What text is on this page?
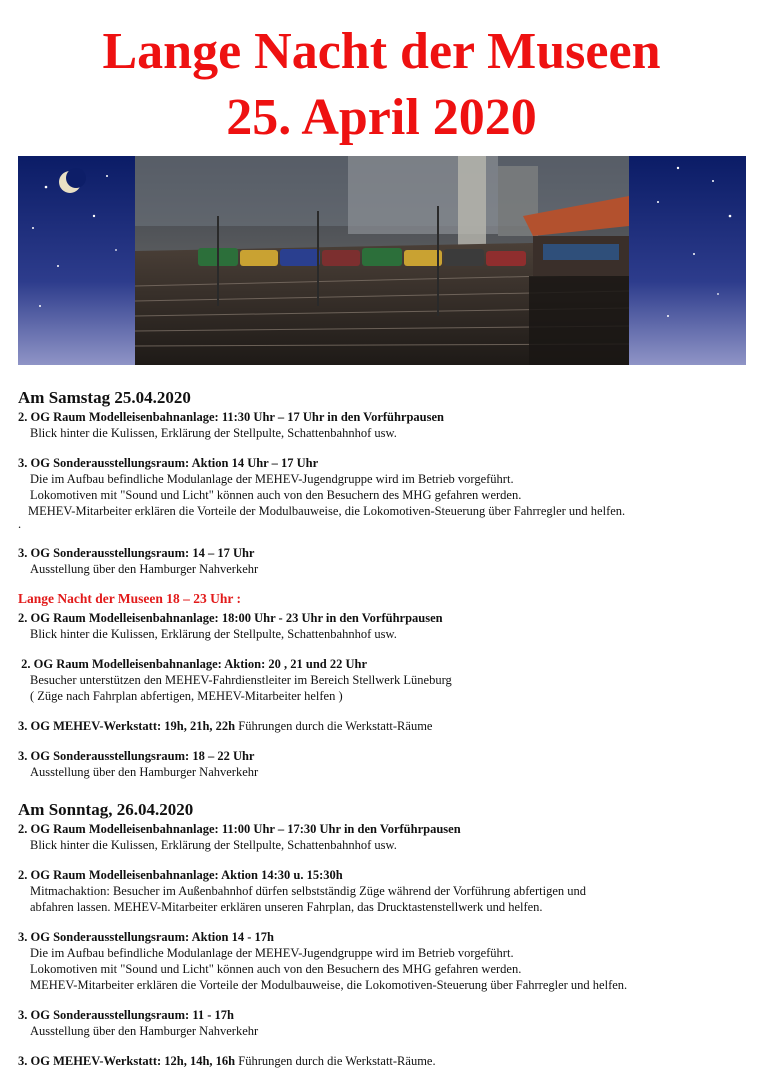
Lange Nacht der Museen
25. April 2020
Am Samstag 25.04.2020
2. OG Raum Modelleisenbahnanlage: 11:30 Uhr – 17 Uhr in den Vorführpausen
Blick hinter die Kulissen, Erklärung der Stellpulte, Schattenbahnhof usw.
3. OG Sonderausstellungsraum: Aktion 14 Uhr – 17 Uhr
Die im Aufbau befindliche Modulanlage der MEHEV-Jugendgruppe wird im Betrieb vorgeführt.
Lokomotiven mit "Sound und Licht" können auch von den Besuchern des MHG gefahren werden.
MEHEV-Mitarbeiter erklären die Vorteile der Modulbauweise, die Lokomotiven-Steuerung über Fahrregler und helfen.
.
3. OG Sonderausstellungsraum: 14 – 17 Uhr
Ausstellung über den Hamburger Nahverkehr
Lange Nacht der Museen 18 – 23 Uhr :
2. OG Raum Modelleisenbahnanlage: 18:00 Uhr - 23 Uhr in den Vorführpausen
Blick hinter die Kulissen, Erklärung der Stellpulte, Schattenbahnhof usw.
2. OG Raum Modelleisenbahnanlage: Aktion: 20 , 21 und 22 Uhr
Besucher unterstützen den MEHEV-Fahrdienstleiter im Bereich Stellwerk Lüneburg
( Züge nach Fahrplan abfertigen, MEHEV-Mitarbeiter helfen )
3. OG MEHEV-Werkstatt: 19h, 21h, 22h Führungen durch die Werkstatt-Räume
3. OG Sonderausstellungsraum: 18 – 22 Uhr
Ausstellung über den Hamburger Nahverkehr
Am Sonntag, 26.04.2020
2. OG Raum Modelleisenbahnanlage: 11:00 Uhr – 17:30 Uhr in den Vorführpausen
Blick hinter die Kulissen, Erklärung der Stellpulte, Schattenbahnhof usw.
2. OG Raum Modelleisenbahnanlage: Aktion 14:30 u. 15:30h
Mitmachaktion: Besucher im Außenbahnhof dürfen selbstständig Züge während der Vorführung abfertigen und
abfahren lassen. MEHEV-Mitarbeiter erklären unseren Fahrplan, das Drucktastenstellwerk und helfen.
3. OG Sonderausstellungsraum: Aktion 14 - 17h
Die im Aufbau befindliche Modulanlage der MEHEV-Jugendgruppe wird im Betrieb vorgeführt.
Lokomotiven mit "Sound und Licht" können auch von den Besuchern des MHG gefahren werden.
MEHEV-Mitarbeiter erklären die Vorteile der Modulbauweise, die Lokomotiven-Steuerung über Fahrregler und helfen.
3. OG Sonderausstellungsraum: 11 - 17h
Ausstellung über den Hamburger Nahverkehr
3. OG MEHEV-Werkstatt: 12h, 14h, 16h Führungen durch die Werkstatt-Räume.
